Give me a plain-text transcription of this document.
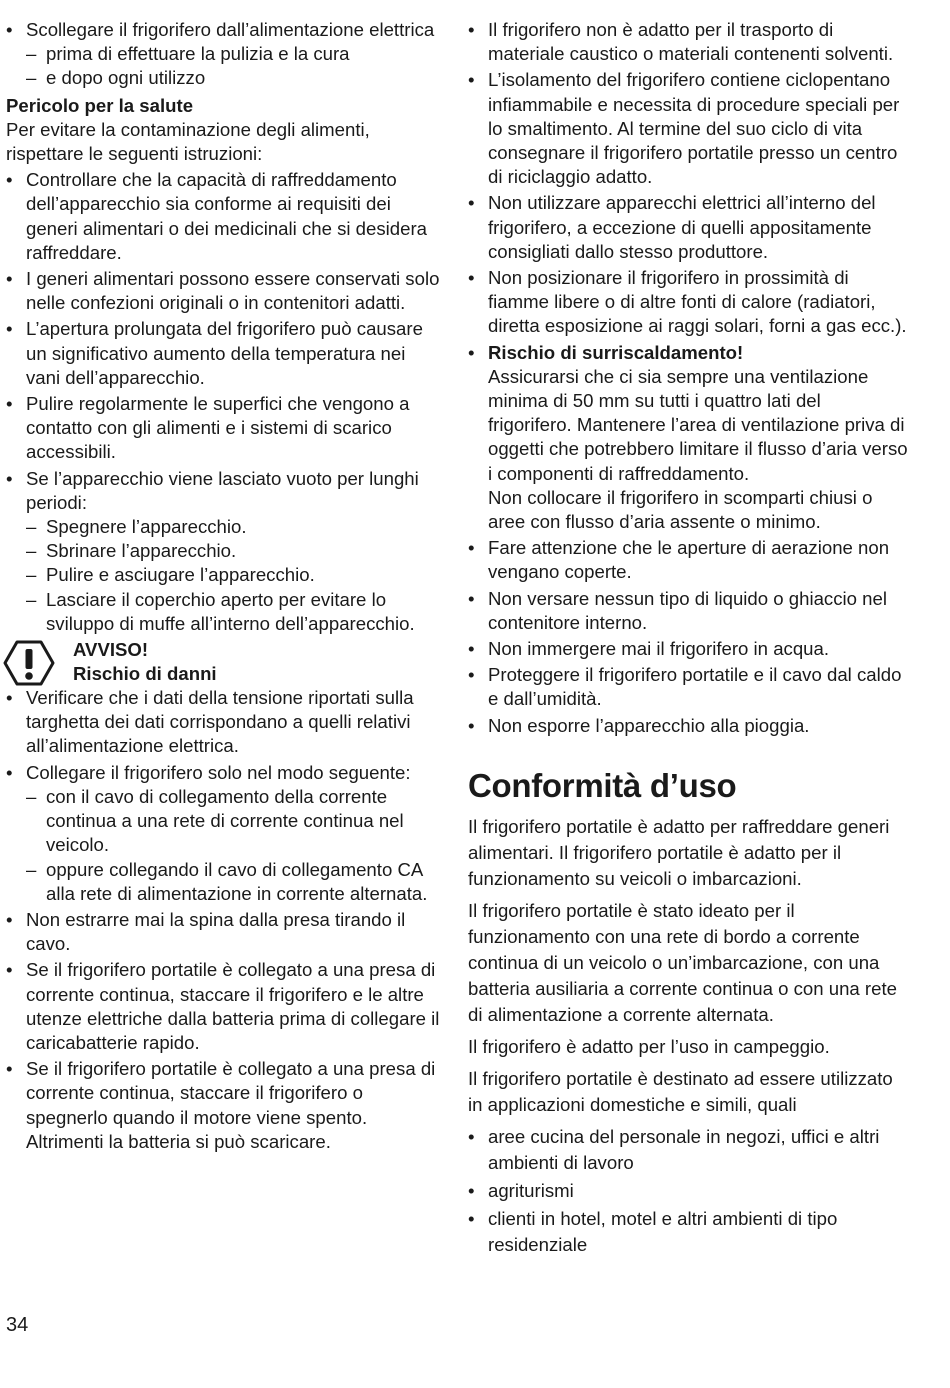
• Scollegare il frigorifero dall’alimentazione elettrica
– prima di effettuare la pulizia e la cura
– e dopo ogni utilizzo
Pericolo per la salute

Per evitare la contaminazione degli alimenti, rispettare le seguenti istruzioni:

• Controllare che la capacità di raffreddamento dell’apparecchio sia conforme ai requisiti dei generi alimentari o dei medicinali che si desidera raffreddare.
• I generi alimentari possono essere conservati solo nelle confezioni originali o in contenitori adatti.
• L’apertura prolungata del frigorifero può causare un significativo aumento della temperatura nei vani dell’apparecchio.
• Pulire regolarmente le superfici che vengono a contatto con gli alimenti e i sistemi di scarico accessibili.
• Se l’apparecchio viene lasciato vuoto per lunghi periodi:
– Spegnere l’apparecchio.
– Sbrinare l’apparecchio.
– Pulire e asciugare l’apparecchio.
– Lasciare il coperchio aperto per evitare lo sviluppo di muffe all’interno dell’apparecchio.
AVVISO!
Rischio di danni
• Verificare che i dati della tensione riportati sulla targhetta dei dati corrispondano a quelli relativi all’alimentazione elettrica.
• Collegare il frigorifero solo nel modo seguente:
– con il cavo di collegamento della corrente continua a una rete di corrente continua nel veicolo.
– oppure collegando il cavo di collegamento CA alla rete di alimentazione in corrente alternata.
• Non estrarre mai la spina dalla presa tirando il cavo.
• Se il frigorifero portatile è collegato a una presa di corrente continua, staccare il frigorifero e le altre utenze elettriche dalla batteria prima di collegare il caricabatterie rapido.
• Se il frigorifero portatile è collegato a una presa di corrente continua, staccare il frigorifero o spegnerlo quando il motore viene spento. Altrimenti la batteria si può scaricare.
• Il frigorifero non è adatto per il trasporto di materiale caustico o materiali contenenti solventi.
• L’isolamento del frigorifero contiene ciclopentano infiammabile e necessita di procedure speciali per lo smaltimento. Al termine del suo ciclo di vita consegnare il frigorifero portatile presso un centro di riciclaggio adatto.
• Non utilizzare apparecchi elettrici all’interno del frigorifero, a eccezione di quelli appositamente consigliati dallo stesso produttore.
• Non posizionare il frigorifero in prossimità di fiamme libere o di altre fonti di calore (radiatori, diretta esposizione ai raggi solari, forni a gas ecc.).
• Rischio di surriscaldamento!
Assicurarsi che ci sia sempre una ventilazione minima di 50 mm su tutti i quattro lati del frigorifero. Mantenere l’area di ventilazione priva di oggetti che potrebbero limitare il flusso d’aria verso i componenti di raffreddamento.
Non collocare il frigorifero in scomparti chiusi o aree con flusso d’aria assente o minimo.
• Fare attenzione che le aperture di aerazione non vengano coperte.
• Non versare nessun tipo di liquido o ghiaccio nel contenitore interno.
• Non immergere mai il frigorifero in acqua.
• Proteggere il frigorifero portatile e il cavo dal caldo e dall’umidità.
• Non esporre l’apparecchio alla pioggia.
Conformità d’uso

Il frigorifero portatile è adatto per raffreddare generi alimentari. Il frigorifero portatile è adatto per il funzionamento su veicoli o imbarcazioni.

Il frigorifero portatile è stato ideato per il funzionamento con una rete di bordo a corrente continua di un veicolo o un’imbarcazione, con una batteria ausiliaria a corrente continua o con una rete di alimentazione a corrente alternata.

Il frigorifero è adatto per l’uso in campeggio.

Il frigorifero portatile è destinato ad essere utilizzato in applicazioni domestiche e simili, quali

• aree cucina del personale in negozi, uffici e altri ambienti di lavoro
• agriturismi
• clienti in hotel, motel e altri ambienti di tipo residenziale
34
